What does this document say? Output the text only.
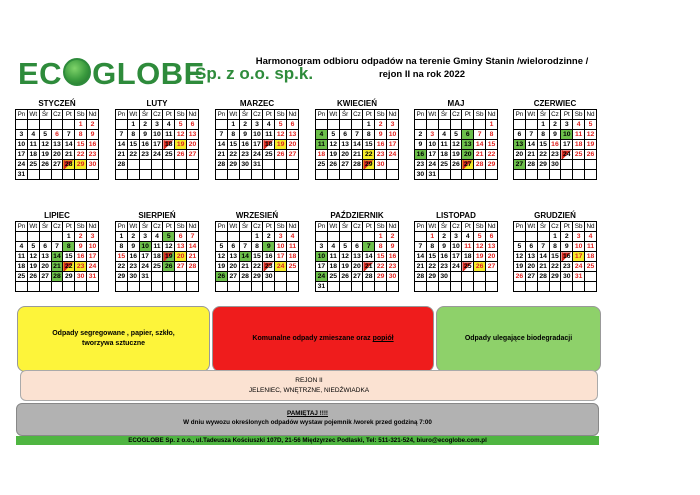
EC GLOBE
Sp. z o.o. sp.k.
Harmonogram odbioru odpadów na terenie Gminy Stanin /wielorodzinne /
rejon II na rok 2022
STYCZEŃ
Pn	Wt	Śr	Cz	Pt	Sb	Nd
					1	2
3	4	5	6	7	8	9
10	11	12	13	14	15	16
17	18	19	20	21	22	23
24	25	26	27	28	29	30
31						
LUTY
Pn	Wt	Śr	Cz	Pt	Sb	Nd
	1	2	3	4	5	6
7	8	9	10	11	12	13
14	15	16	17	18	19	20
21	22	23	24	25	26	27
28						

MARZEC
Pn	Wt	Śr	Cz	Pt	Sb	Nd
	1	2	3	4	5	6
7	8	9	10	11	12	13
14	15	16	17	18	19	20
21	22	23	24	25	26	27
28	29	30	31			

KWIECIEŃ
Pn	Wt	Śr	Cz	Pt	Sb	Nd
				1	2	3
4	5	6	7	8	9	10
11	12	13	14	15	16	17
18	19	20	21	22	23	24
25	26	27	28	29	30	

MAJ
Pn	Wt	Śr	Cz	Pt	Sb	Nd
						1
2	3	4	5	6	7	8
9	10	11	12	13	14	15
16	17	18	19	20	21	22
23	24	25	26	27	28	29
30	31					
CZERWIEC
Pn	Wt	Śr	Cz	Pt	Sb	Nd
		1	2	3	4	5
6	7	8	9	10	11	12
13	14	15	16	17	18	19
20	21	22	23	24	25	26
27	28	29	30			

LIPIEC
Pn	Wt	Śr	Cz	Pt	Sb	Nd
				1	2	3
4	5	6	7	8	9	10
11	12	13	14	15	16	17
18	19	20	21	22	23	24
25	26	27	28	29	30	31

SIERPIEŃ
Pn	Wt	Śr	Cz	Pt	Sb	Nd
1	2	3	4	5	6	7
8	9	10	11	12	13	14
15	16	17	18	19	20	21
22	23	24	25	26	27	28
29	30	31				

WRZESIEŃ
Pn	Wt	Śr	Cz	Pt	Sb	Nd
			1	2	3	4
5	6	7	8	9	10	11
12	13	14	15	16	17	18
19	20	21	22	23	24	25
26	27	28	29	30		

PAŹDZIERNIK
Pn	Wt	Śr	Cz	Pt	Sb	Nd
					1	2
3	4	5	6	7	8	9
10	11	12	13	14	15	16
17	18	19	20	21	22	23
24	25	26	27	28	29	30
31						
LISTOPAD
Pn	Wt	Śr	Cz	Pt	Sb	Nd
	1	2	3	4	5	6
7	8	9	10	11	12	13
14	15	16	17	18	19	20
21	22	23	24	25	26	27
28	29	30				

GRUDZIEŃ
Pn	Wt	Śr	Cz	Pt	Sb	Nd
			1	2	3	4
5	6	7	8	9	10	11
12	13	14	15	16	17	18
19	20	21	22	23	24	25
26	27	28	29	30	31	

Odpady segregowane , papier, szkło,
tworzywa sztuczne
Komunalne odpady zmieszane oraz popiół	Odpady ulegające biodegradacji
REJON II
JELENIEC, WNĘTRZNE, NIEDŹWIADKA
PAMIĘTAJ !!!!
W dniu wywozu określonych odpadów wystaw pojemnik /worek przed godziną 7:00
ECOGLOBE Sp. z o.o., ul.Tadeusza Kościuszki 107D, 21-56 Międzyrzec Podlaski, Tel: 511-321-524, biuro@ecoglobe.com.pl
